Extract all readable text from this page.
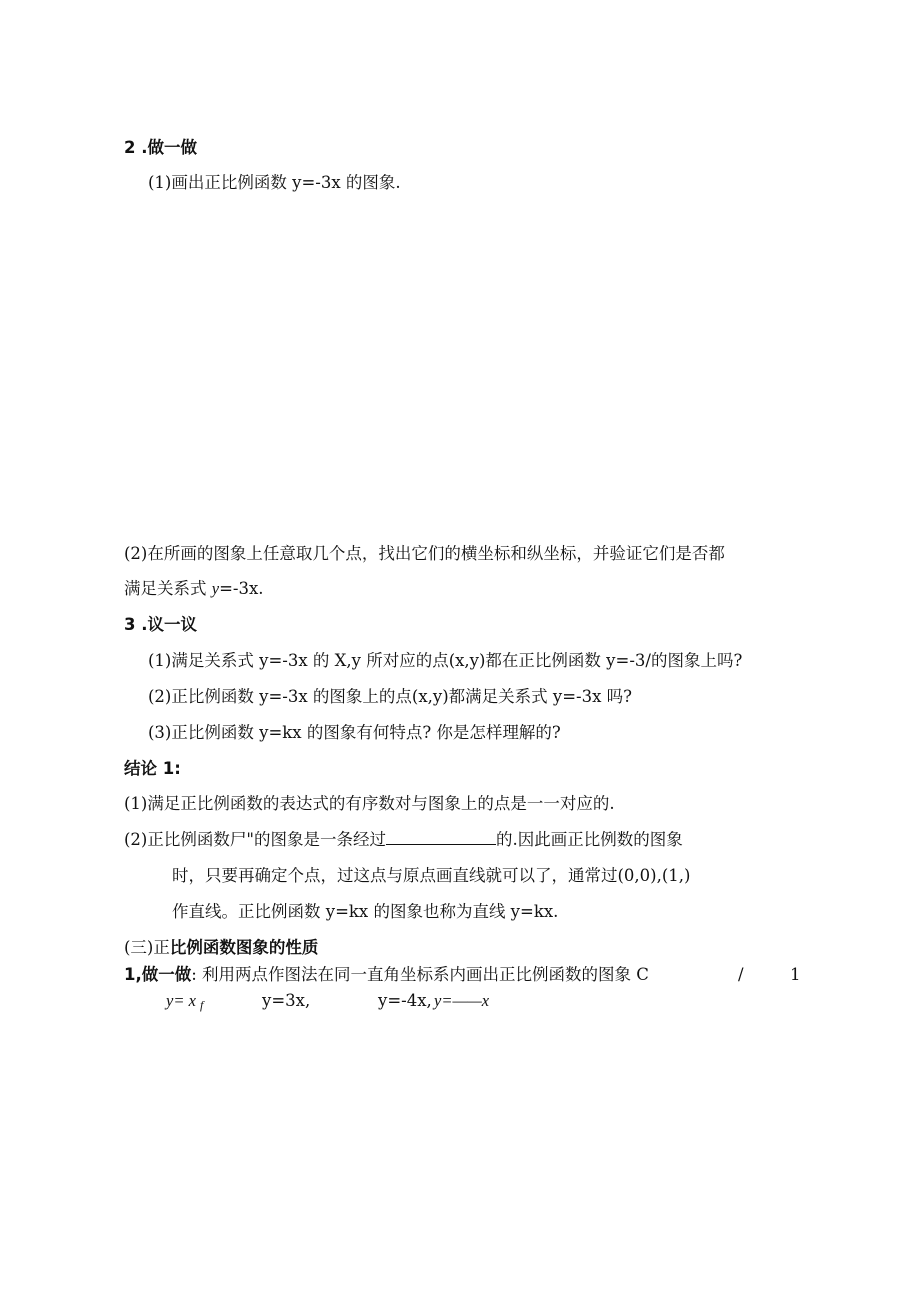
2 .做一做
(1)画出正比例函数 y=-3x 的图象.
(2)在所画的图象上任意取几个点，找出它们的横坐标和纵坐标，并验证它们是否都
满足关系式 y=-3x.
3 .议一议
(1)满足关系式 y=-3x 的 X,y 所对应的点(x,y)都在正比例函数 y=-3/的图象上吗?
(2)正比例函数 y=-3x 的图象上的点(x,y)都满足关系式 y=-3x 吗?
(3)正比例函数 y=kx 的图象有何特点? 你是怎样理解的?
结论 1:
(1)满足正比例函数的表达式的有序数对与图象上的点是一一对应的.
(2)正比例函数尸"的图象是一条经过	的.因此画正比例数的图象
时，只要再确定个点，过这点与原点画直线就可以了，通常过(0,0),(1,)
作直线。正比例函数 y=kx 的图象也称为直线 y=kx.
(三)正比例函数图象的性质
1,做一做: 利用两点作图法在同一直角坐标系内画出正比例函数的图象 C	/	1
y= x $_f$	y=3x,	y=-4x, y=——x
